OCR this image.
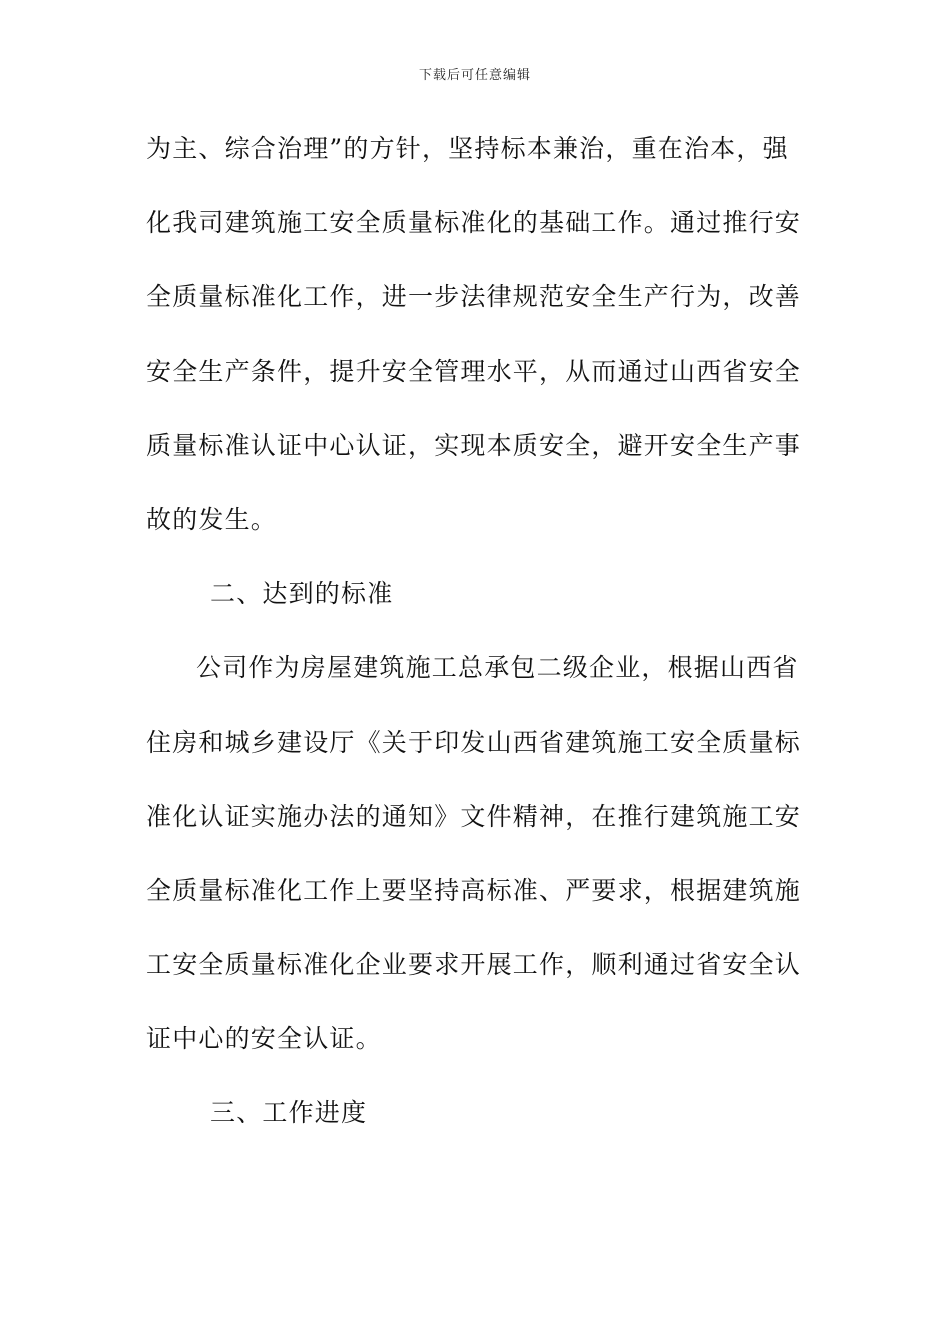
下载后可任意编辑
为主、综合治理”的方针，坚持标本兼治，重在治本，强
化我司建筑施工安全质量标准化的基础工作。通过推行安
全质量标准化工作，进一步法律规范安全生产行为，改善
安全生产条件，提升安全管理水平，从而通过山西省安全
质量标准认证中心认证，实现本质安全，避开安全生产事
故的发生。
二、达到的标准
公司作为房屋建筑施工总承包二级企业，根据山西省
住房和城乡建设厅《关于印发山西省建筑施工安全质量标
准化认证实施办法的通知》文件精神，在推行建筑施工安
全质量标准化工作上要坚持高标准、严要求，根据建筑施
工安全质量标准化企业要求开展工作，顺利通过省安全认
证中心的安全认证。
三、工作进度
